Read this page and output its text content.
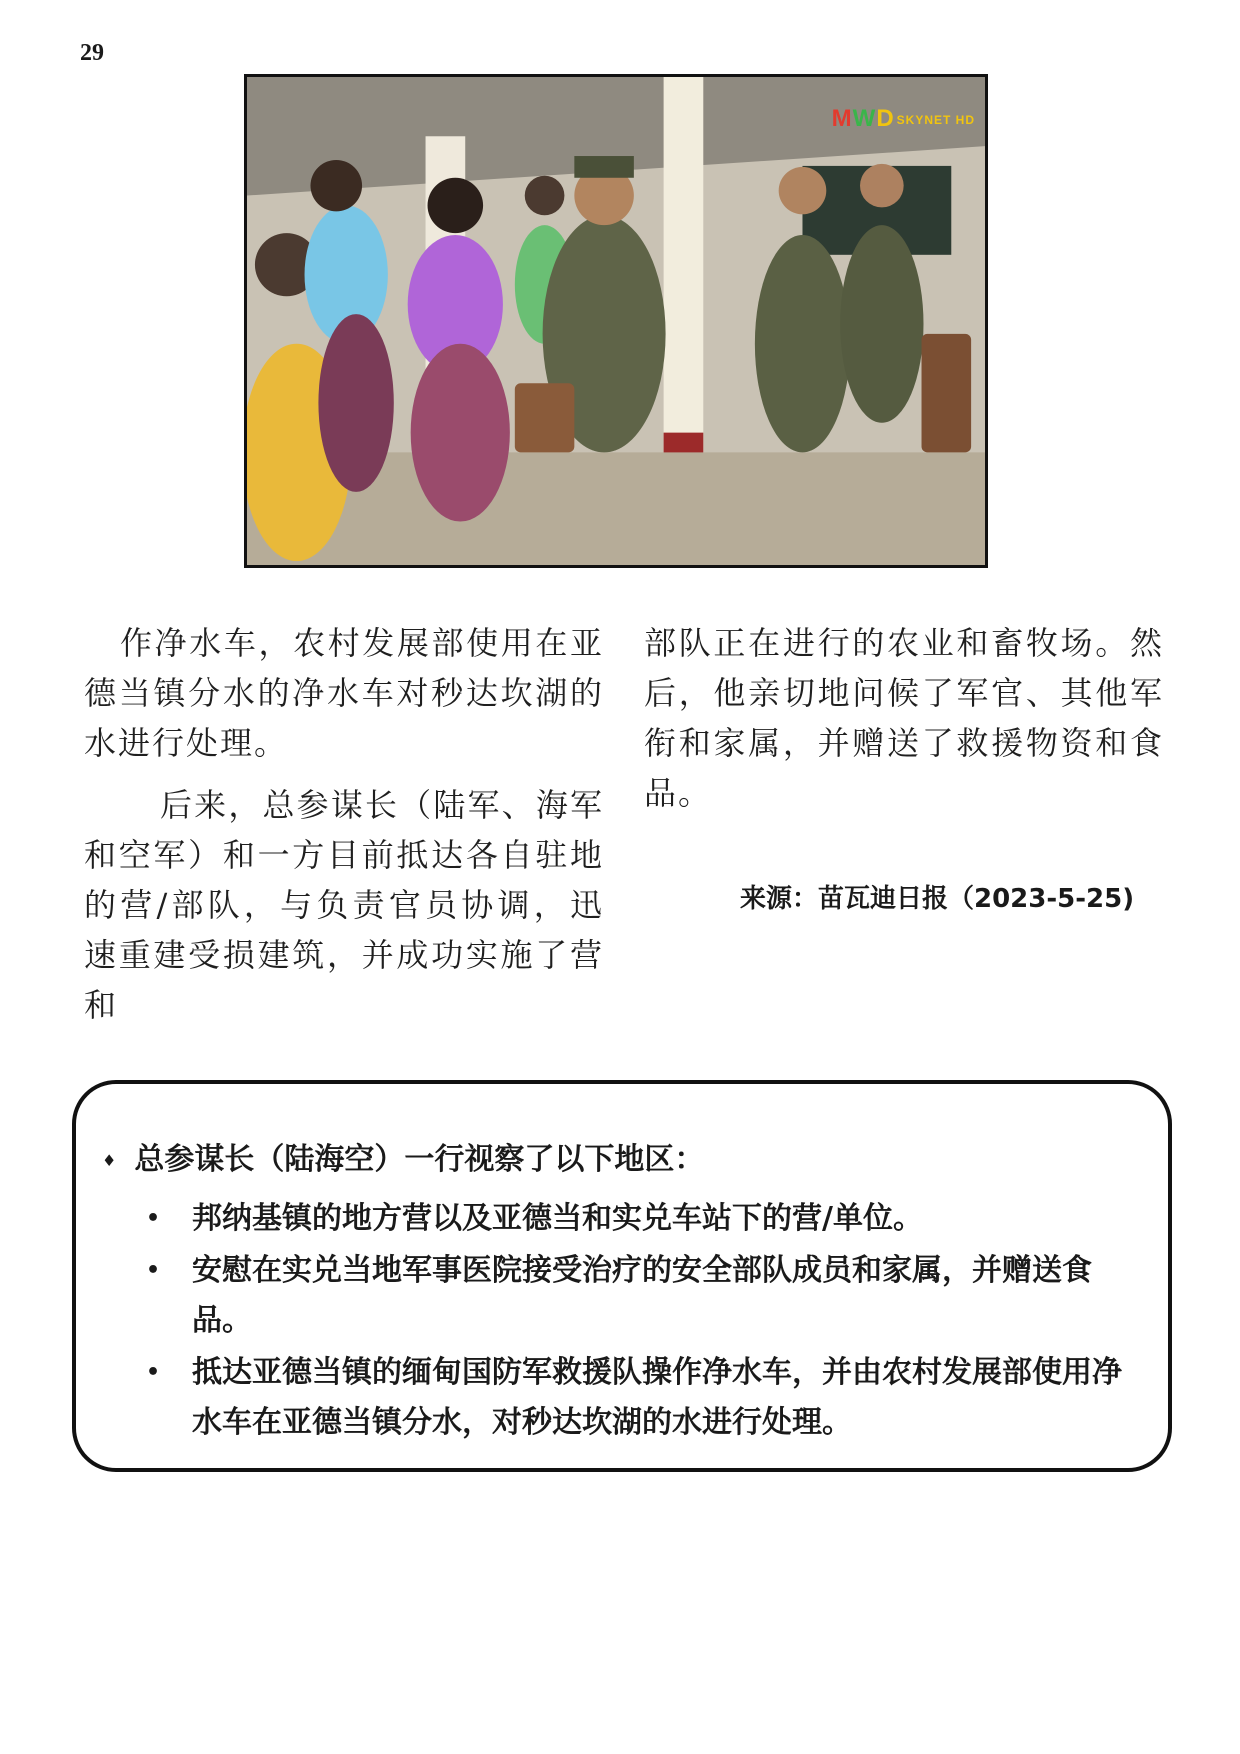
29
MWD SKYNET HD

作净水车，农村发展部使用在亚德当镇分水的净水车对秒达坎湖的水进行处理。

后来，总参谋长（陆军、海军和空军）和一方目前抵达各自驻地的营/部队，与负责官员协调，迅速重建受损建筑，并成功实施了营和

部队正在进行的农业和畜牧场。然后，他亲切地问候了军官、其他军衔和家属，并赠送了救援物资和食品。

来源：苗瓦迪日报（2023-5-25)
♦ 总参谋长（陆海空）一行视察了以下地区：
• 邦纳基镇的地方营以及亚德当和实兑车站下的营/单位。
• 安慰在实兑当地军事医院接受治疗的安全部队成员和家属，并赠送食品。
• 抵达亚德当镇的缅甸国防军救援队操作净水车，并由农村发展部使用净水车在亚德当镇分水，对秒达坎湖的水进行处理。
